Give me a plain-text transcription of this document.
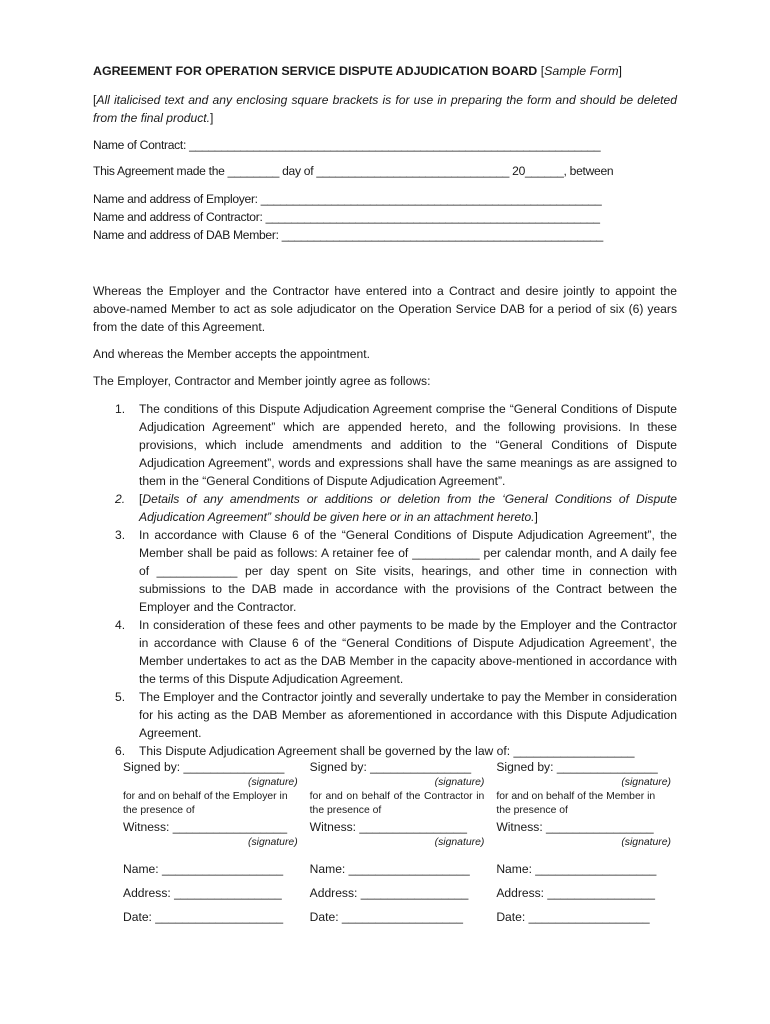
AGREEMENT FOR OPERATION SERVICE DISPUTE ADJUDICATION BOARD [Sample Form]

[All italicised text and any enclosing square brackets is for use in preparing the form and should be deleted from the final product.]
Name of Contract: ________________________________________________________________
This Agreement made the ________ day of ______________________________ 20______, between
Name and address of Employer: _____________________________________________________
Name and address of Contractor: ____________________________________________________
Name and address of DAB Member: __________________________________________________
Whereas the Employer and the Contractor have entered into a Contract and desire jointly to appoint the above-named Member to act as sole adjudicator on the Operation Service DAB for a period of six (6) years from the date of this Agreement.
And whereas the Member accepts the appointment.
The Employer, Contractor and Member jointly agree as follows:
1. The conditions of this Dispute Adjudication Agreement comprise the “General Conditions of Dispute Adjudication Agreement” which are appended hereto, and the following provisions. In these provisions, which include amendments and addition to the “General Conditions of Dispute Adjudication Agreement”, words and expressions shall have the same meanings as are assigned to them in the “General Conditions of Dispute Adjudication Agreement”.
2. [Details of any amendments or additions or deletion from the ‘General Conditions of Dispute Adjudication Agreement” should be given here or in an attachment hereto.]
3. In accordance with Clause 6 of the “General Conditions of Dispute Adjudication Agreement”, the Member shall be paid as follows: A retainer fee of __________ per calendar month, and A daily fee of ____________ per day spent on Site visits, hearings, and other time in connection with submissions to the DAB made in accordance with the provisions of the Contract between the Employer and the Contractor.
4. In consideration of these fees and other payments to be made by the Employer and the Contractor in accordance with Clause 6 of the “General Conditions of Dispute Adjudication Agreement’, the Member undertakes to act as the DAB Member in the capacity above-mentioned in accordance with the terms of this Dispute Adjudication Agreement.
5. The Employer and the Contractor jointly and severally undertake to pay the Member in consideration for his acting as the DAB Member as aforementioned in accordance with this Dispute Adjudication Agreement.
6. This Dispute Adjudication Agreement shall be governed by the law of: __________________
Signed by: _______________
(signature)
for and on behalf of the Employer in the presence of
Witness: _________________
(signature)
Name: __________________
Address: ________________
Date: ___________________

Signed by: _______________
(signature)
for and on behalf of the Contractor in the presence of
Witness: ________________
(signature)
Name: __________________
Address: ________________
Date: __________________

Signed by: _______________
(signature)
for and on behalf of the Member in the presence of
Witness: ________________
(signature)
Name: __________________
Address: ________________
Date: __________________
